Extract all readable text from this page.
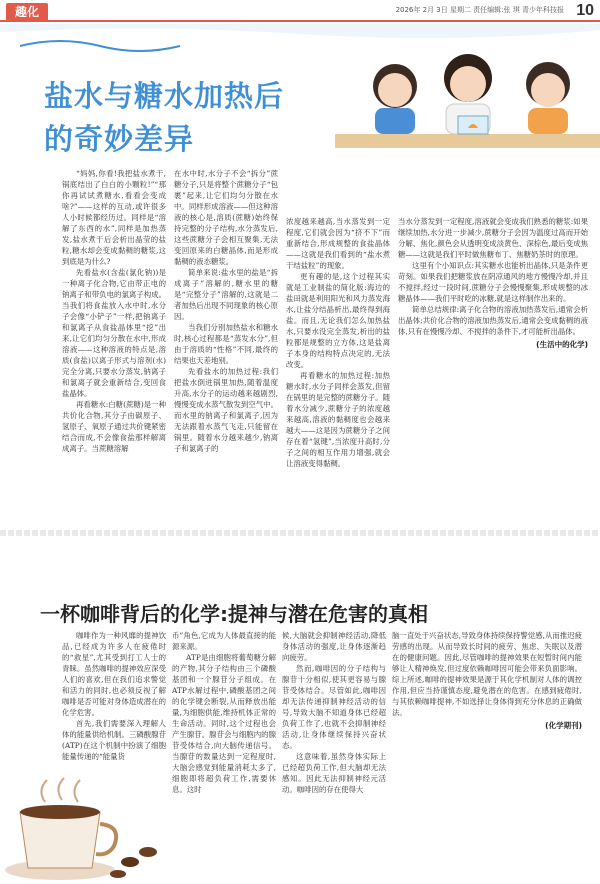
趣化	2026年 2月 3日 星期二 责任编辑:张 琪 青少年科技报 10
盐水与糖水加热后
的奇妙差异

“妈妈,你看!我把盐水煮干,锅底结出了白白的小颗粒!”“那你再试试煮糖水,看看会变成啥?”——这样的互动,或许很多人小时候都经历过。同样是“溶解了东西的水”,同样是加热蒸发,盐水煮干后会析出晶莹的盐粒,糖水却会变成黏稠的糖浆,这到底是为什么?

先看盐水(含盐(氯化钠))是一种离子化合物,它由带正电的钠离子和带负电的氯离子构成。当我们将食盐放入水中时,水分子会像“小铲子”一样,把钠离子和氯离子从食盐晶体里“挖”出来,让它们均匀分散在水中,形成溶液——这种溶液的特点是,溶质(食盐)以离子形式与溶剂(水)完全分离,只要水分蒸发,钠离子和氯离子就会重新结合,变回食盐晶体。

再看糖水:白糖(蔗糖)是一种共价化合物,其分子由碳原子、氢原子、氧原子通过共价键紧密结合而成,不会像食盐那样解离成离子。当蔗糖溶解

在水中时,水分子不会“拆分”蔗糖分子,只是将整个蔗糖分子“包裹”起来,让它们均匀分散在水中。同样形成溶液——但这种溶液的核心是,溶质(蔗糖)始终保持完整的分子结构,水分蒸发后,这些蔗糖分子会相互聚集,无法变回原来的白糖晶体,而是形成黏稠的液态糖浆。

简单来说:盐水里的盐是“拆成离子”溶解的,糖水里的糖是“完整分子”溶解的,这就是二者加热后出现不同现象的核心原因。

当我们分别加热盐水和糖水时,核心过程都是“蒸发水分”,但由于溶质的“性格”不同,最终的结果也天差地别。

先看盐水的加热过程:我们把盐水倒进锅里加热,随着温度升高,水分子的运动越来越剧烈,慢慢变成水蒸气散发到空气中。而水里的钠离子和氯离子,因为无法跟着水蒸气飞走,只能留在锅里。随着水分越来越少,钠离子和氯离子的

浓度越来越高,当水蒸发到一定程度,它们就会因为“挤不下”而重新结合,形成规整的食盐晶体——这就是我们看到的“盐水煮干结盐粒”的现象。

更有趣的是,这个过程其实就是工业制盐的简化版:海边的盐田就是利用阳光和风力蒸发海水,让盐分结晶析出,最终得到海盐。而且,无论我们怎么加热盐水,只要水没完全蒸发,析出的盐粒都是规整的立方体,这是盐离子本身的结构特点决定的,无法改变。

再看糖水的加热过程:加热糖水时,水分子同样会蒸发,但留在锅里的是完整的蔗糖分子。随着水分减少,蔗糖分子的浓度越来越高,溶液的黏稠度也会越来越大——这是因为蔗糖分子之间存在着“氢键”,当浓度升高时,分子之间的相互作用力增强,就会让溶液变得黏稠。

当水分蒸发到一定程度,溶液就会变成我们熟悉的糖浆:如果继续加热,水分进一步减少,蔗糖分子会因为温度过高而开始分解、焦化,颜色会从透明变成淡黄色、深棕色,最后变成焦糖——这就是我们平时做焦糖布丁、焦糖奶茶时的原理。

这里有个小知识点:其实糖水也能析出晶体,只是条件更苛刻。如果我们把糖浆放在阴凉通风的地方慢慢冷却,并且不搅拌,经过一段时间,蔗糖分子会慢慢聚集,形成规整的冰糖晶体——我们平时吃的冰糖,就是这样制作出来的。

简单总结规律:离子化合物的溶液加热蒸发后,通常会析出晶体;共价化合物的溶液加热蒸发后,通常会变成黏稠的液体,只有在慢慢冷却、不搅拌的条件下,才可能析出晶体。

(生活中的化学)
一杯咖啡背后的化学:提神与潜在危害的真相

咖啡作为一种风靡的提神饮品,已经成为许多人在疲倦时的“救星”,尤其受到打工人士的青睐。虽然咖啡的提神效应深受人们的喜欢,但在我们追求警觉和活力的同时,也必须反视了解咖啡是否可能对身体造成潜在的化学危害。

首先,我们需要深入理解人体的能量供给机制。三磷酸腺苷(ATP)在这个机制中扮演了细胞能量传递的“能量货

币”角色,它成为人体最直接的能源来源。

ATP是由细胞将葡萄糖分解的产物,其分子结构由三个磷酸基团和一个腺苷分子组成。在ATP水解过程中,磷酸基团之间的化学键会断裂,从而释放出能量,为细胞供能,维持机体正常的生命活动。同时,这个过程也会产生腺苷。腺苷会与细胞内的腺苷受体结合,向大脑传递信号。当腺苷的数量达到一定程度时,大脑会感觉到能量消耗太多了,细胞即将超负荷工作,需要休息。这时

候,大脑就会抑制神经活动,降低身体活动的强度,让身体逐渐趋向疲劳。

然而,咖啡因的分子结构与腺苷十分相似,使其更容易与腺苷受体结合。尽管如此,咖啡因却无法传递抑制神经活动的信号,导致大脑不知道身体已经超负荷工作了,也就不会抑制神经活动,让身体继续保持兴奋状态。

这意味着,虽然身体实际上已经超负荷工作,但大脑却无法感知。因此无法抑制神经元活动。咖啡因的存在使得大

脑一直处于兴奋状态,导致身体持续保持警觉感,从而推迟疲劳感的出现。从而导致长时间的疲劳、焦虑、失眠以及潜在的健康问题。因此,尽管咖啡的提神效果在短暂时间内能够让人精神焕发,但过度依赖咖啡因可能会带来负面影响。综上所述,咖啡的提神效果是源于其化学机制对人体的调控作用,但应当持谨慎态度,避免潜在的危害。在感到疲倦时,与其依赖咖啡提神,不如选择让身体得到充分休息的正确做法。

(化学期刊)
